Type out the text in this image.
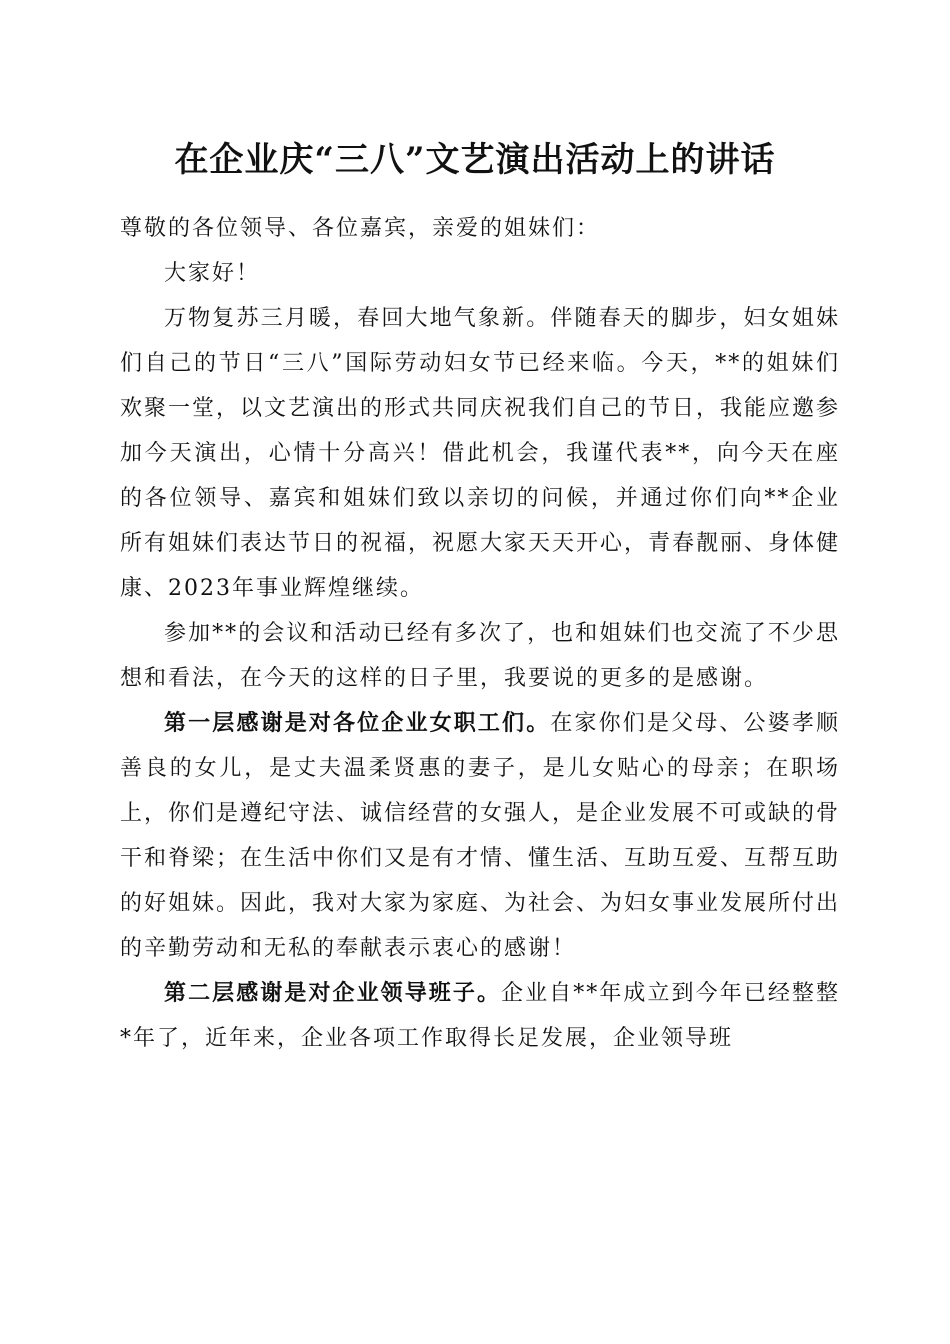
在企业庆“三八”文艺演出活动上的讲话

尊敬的各位领导、各位嘉宾，亲爱的姐妹们：

大家好！

万物复苏三月暖，春回大地气象新。伴随春天的脚步，妇女姐妹们自己的节日“三八”国际劳动妇女节已经来临。今天，**的姐妹们欢聚一堂，以文艺演出的形式共同庆祝我们自己的节日，我能应邀参加今天演出，心情十分高兴！借此机会，我谨代表**，向今天在座的各位领导、嘉宾和姐妹们致以亲切的问候，并通过你们向**企业所有姐妹们表达节日的祝福，祝愿大家天天开心，青春靓丽、身体健康、2023年事业辉煌继续。

参加**的会议和活动已经有多次了，也和姐妹们也交流了不少思想和看法，在今天的这样的日子里，我要说的更多的是感谢。

第一层感谢是对各位企业女职工们。在家你们是父母、公婆孝顺善良的女儿，是丈夫温柔贤惠的妻子，是儿女贴心的母亲；在职场上，你们是遵纪守法、诚信经营的女强人，是企业发展不可或缺的骨干和脊梁；在生活中你们又是有才情、懂生活、互助互爱、互帮互助的好姐妹。因此，我对大家为家庭、为社会、为妇女事业发展所付出的辛勤劳动和无私的奉献表示衷心的感谢！

第二层感谢是对企业领导班子。企业自**年成立到今年已经整整*年了，近年来，企业各项工作取得长足发展，企业领导班
